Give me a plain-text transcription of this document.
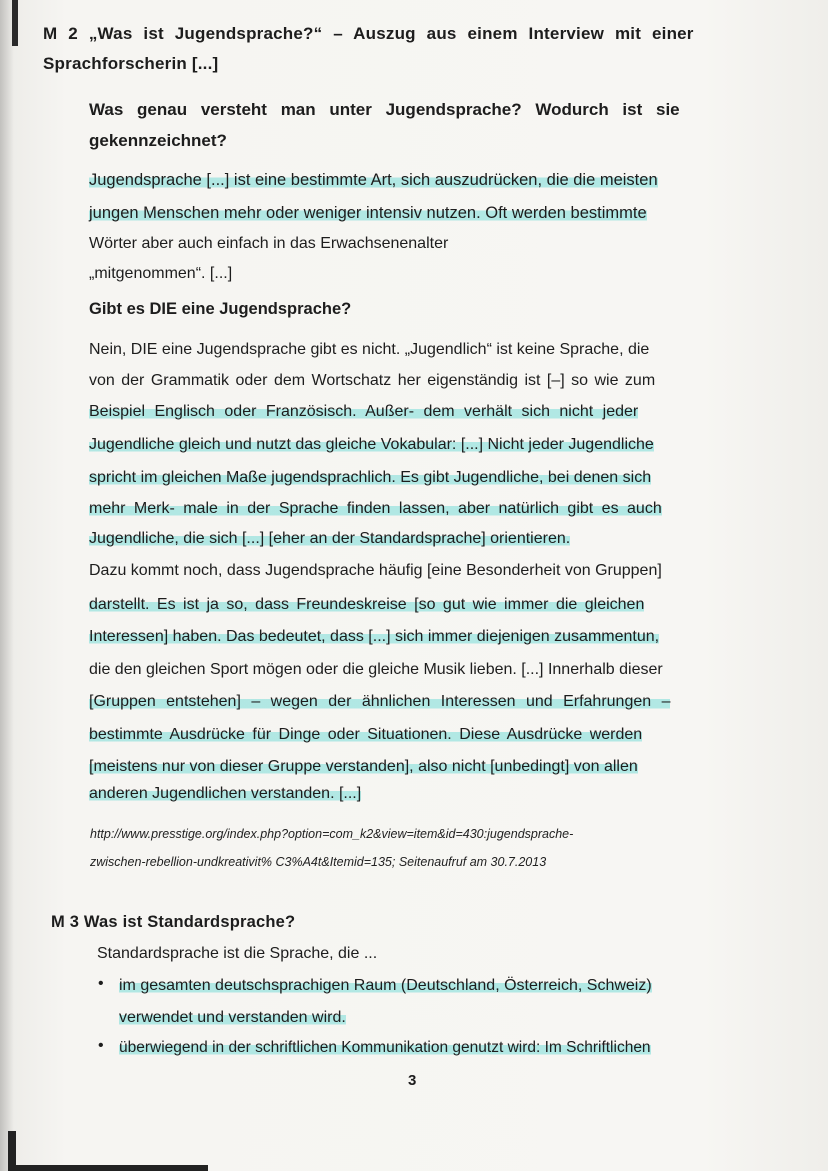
M 2 „Was ist Jugendsprache?“ – Auszug aus einem Interview mit einer
Sprachforscherin [...]
Was genau versteht man unter Jugendsprache? Wodurch ist sie
gekennzeichnet?
Jugendsprache [...] ist eine bestimmte Art, sich auszudrücken, die die meisten
jungen Menschen mehr oder weniger intensiv nutzen. Oft werden bestimmte
Wörter aber auch einfach in das Erwachsenenalter
„mitgenommen“. [...]
Gibt es DIE eine Jugendsprache?
Nein, DIE eine Jugendsprache gibt es nicht. „Jugendlich“ ist keine Sprache, die
von der Grammatik oder dem Wortschatz her eigenständig ist [–] so wie zum
Beispiel Englisch oder Französisch. Außer- dem verhält sich nicht jeder
Jugendliche gleich und nutzt das gleiche Vokabular: [...] Nicht jeder Jugendliche
spricht im gleichen Maße jugendsprachlich. Es gibt Jugendliche, bei denen sich
mehr Merk- male in der Sprache finden lassen, aber natürlich gibt es auch
Jugendliche, die sich [...] [eher an der Standardsprache] orientieren.
Dazu kommt noch, dass Jugendsprache häufig [eine Besonderheit von Gruppen]
darstellt. Es ist ja so, dass Freundeskreise [so gut wie immer die gleichen
Interessen] haben. Das bedeutet, dass [...] sich immer diejenigen zusammentun,
die den gleichen Sport mögen oder die gleiche Musik lieben. [...] Innerhalb dieser
[Gruppen entstehen] – wegen der ähnlichen Interessen und Erfahrungen –
bestimmte Ausdrücke für Dinge oder Situationen. Diese Ausdrücke werden
[meistens nur von dieser Gruppe verstanden], also nicht [unbedingt] von allen
anderen Jugendlichen verstanden. [...]
http://www.presstige.org/index.php?option=com_k2&view=item&id=430:jugendsprache-
zwischen-rebellion-undkreativit% C3%A4t&Itemid=135; Seitenaufruf am 30.7.2013
M 3 Was ist Standardsprache?
Standardsprache ist die Sprache, die ...
• im gesamten deutschsprachigen Raum (Deutschland, Österreich, Schweiz)
verwendet und verstanden wird.
• überwiegend in der schriftlichen Kommunikation genutzt wird: Im Schriftlichen
3
